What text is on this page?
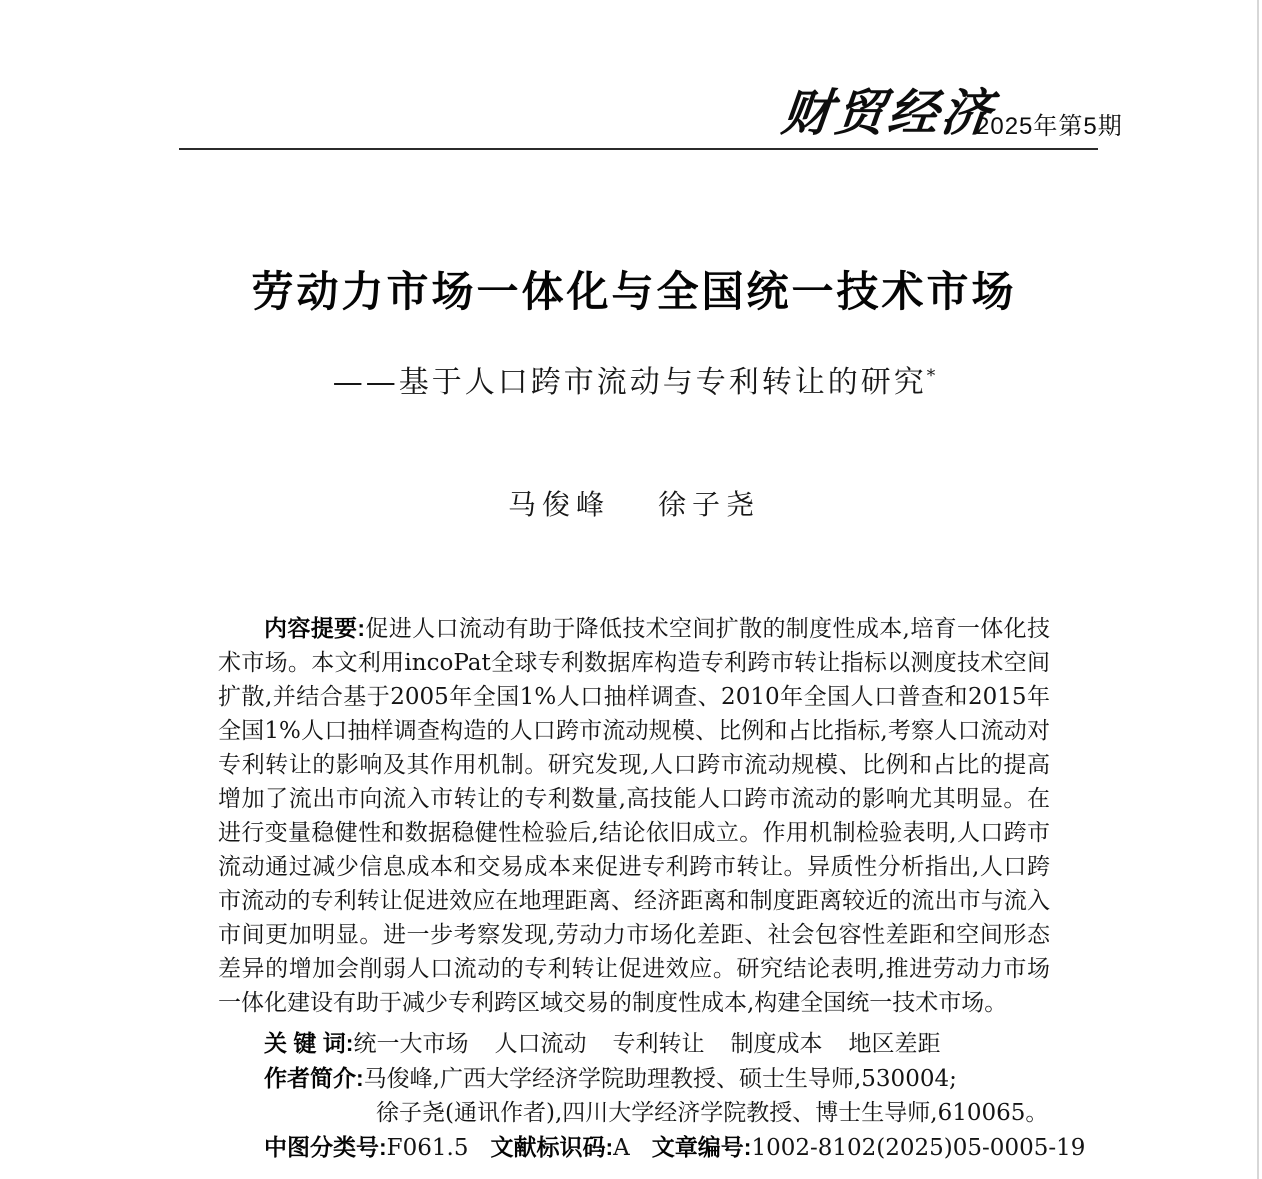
财贸经济
2025年第5期
劳动力市场一体化与全国统一技术市场
——基于人口跨市流动与专利转让的研究*
马俊峰 徐子尧

内容提要:促进人口流动有助于降低技术空间扩散的制度性成本,培育一体化技术市场。本文利用incoPat全球专利数据库构造专利跨市转让指标以测度技术空间扩散,并结合基于2005年全国1%人口抽样调查、2010年全国人口普查和2015年全国1%人口抽样调查构造的人口跨市流动规模、比例和占比指标,考察人口流动对专利转让的影响及其作用机制。研究发现,人口跨市流动规模、比例和占比的提高增加了流出市向流入市转让的专利数量,高技能人口跨市流动的影响尤其明显。在进行变量稳健性和数据稳健性检验后,结论依旧成立。作用机制检验表明,人口跨市流动通过减少信息成本和交易成本来促进专利跨市转让。异质性分析指出,人口跨市流动的专利转让促进效应在地理距离、经济距离和制度距离较近的流出市与流入市间更加明显。进一步考察发现,劳动力市场化差距、社会包容性差距和空间形态差异的增加会削弱人口流动的专利转让促进效应。研究结论表明,推进劳动力市场一体化建设有助于减少专利跨区域交易的制度性成本,构建全国统一技术市场。

关 键 词:统一大市场 人口流动 专利转让 制度成本 地区差距
作者简介:马俊峰,广西大学经济学院助理教授、硕士生导师,530004;
徐子尧(通讯作者),四川大学经济学院教授、博士生导师,610065。
中图分类号:F061.5 文献标识码:A 文章编号:1002-8102(2025)05-0005-19
